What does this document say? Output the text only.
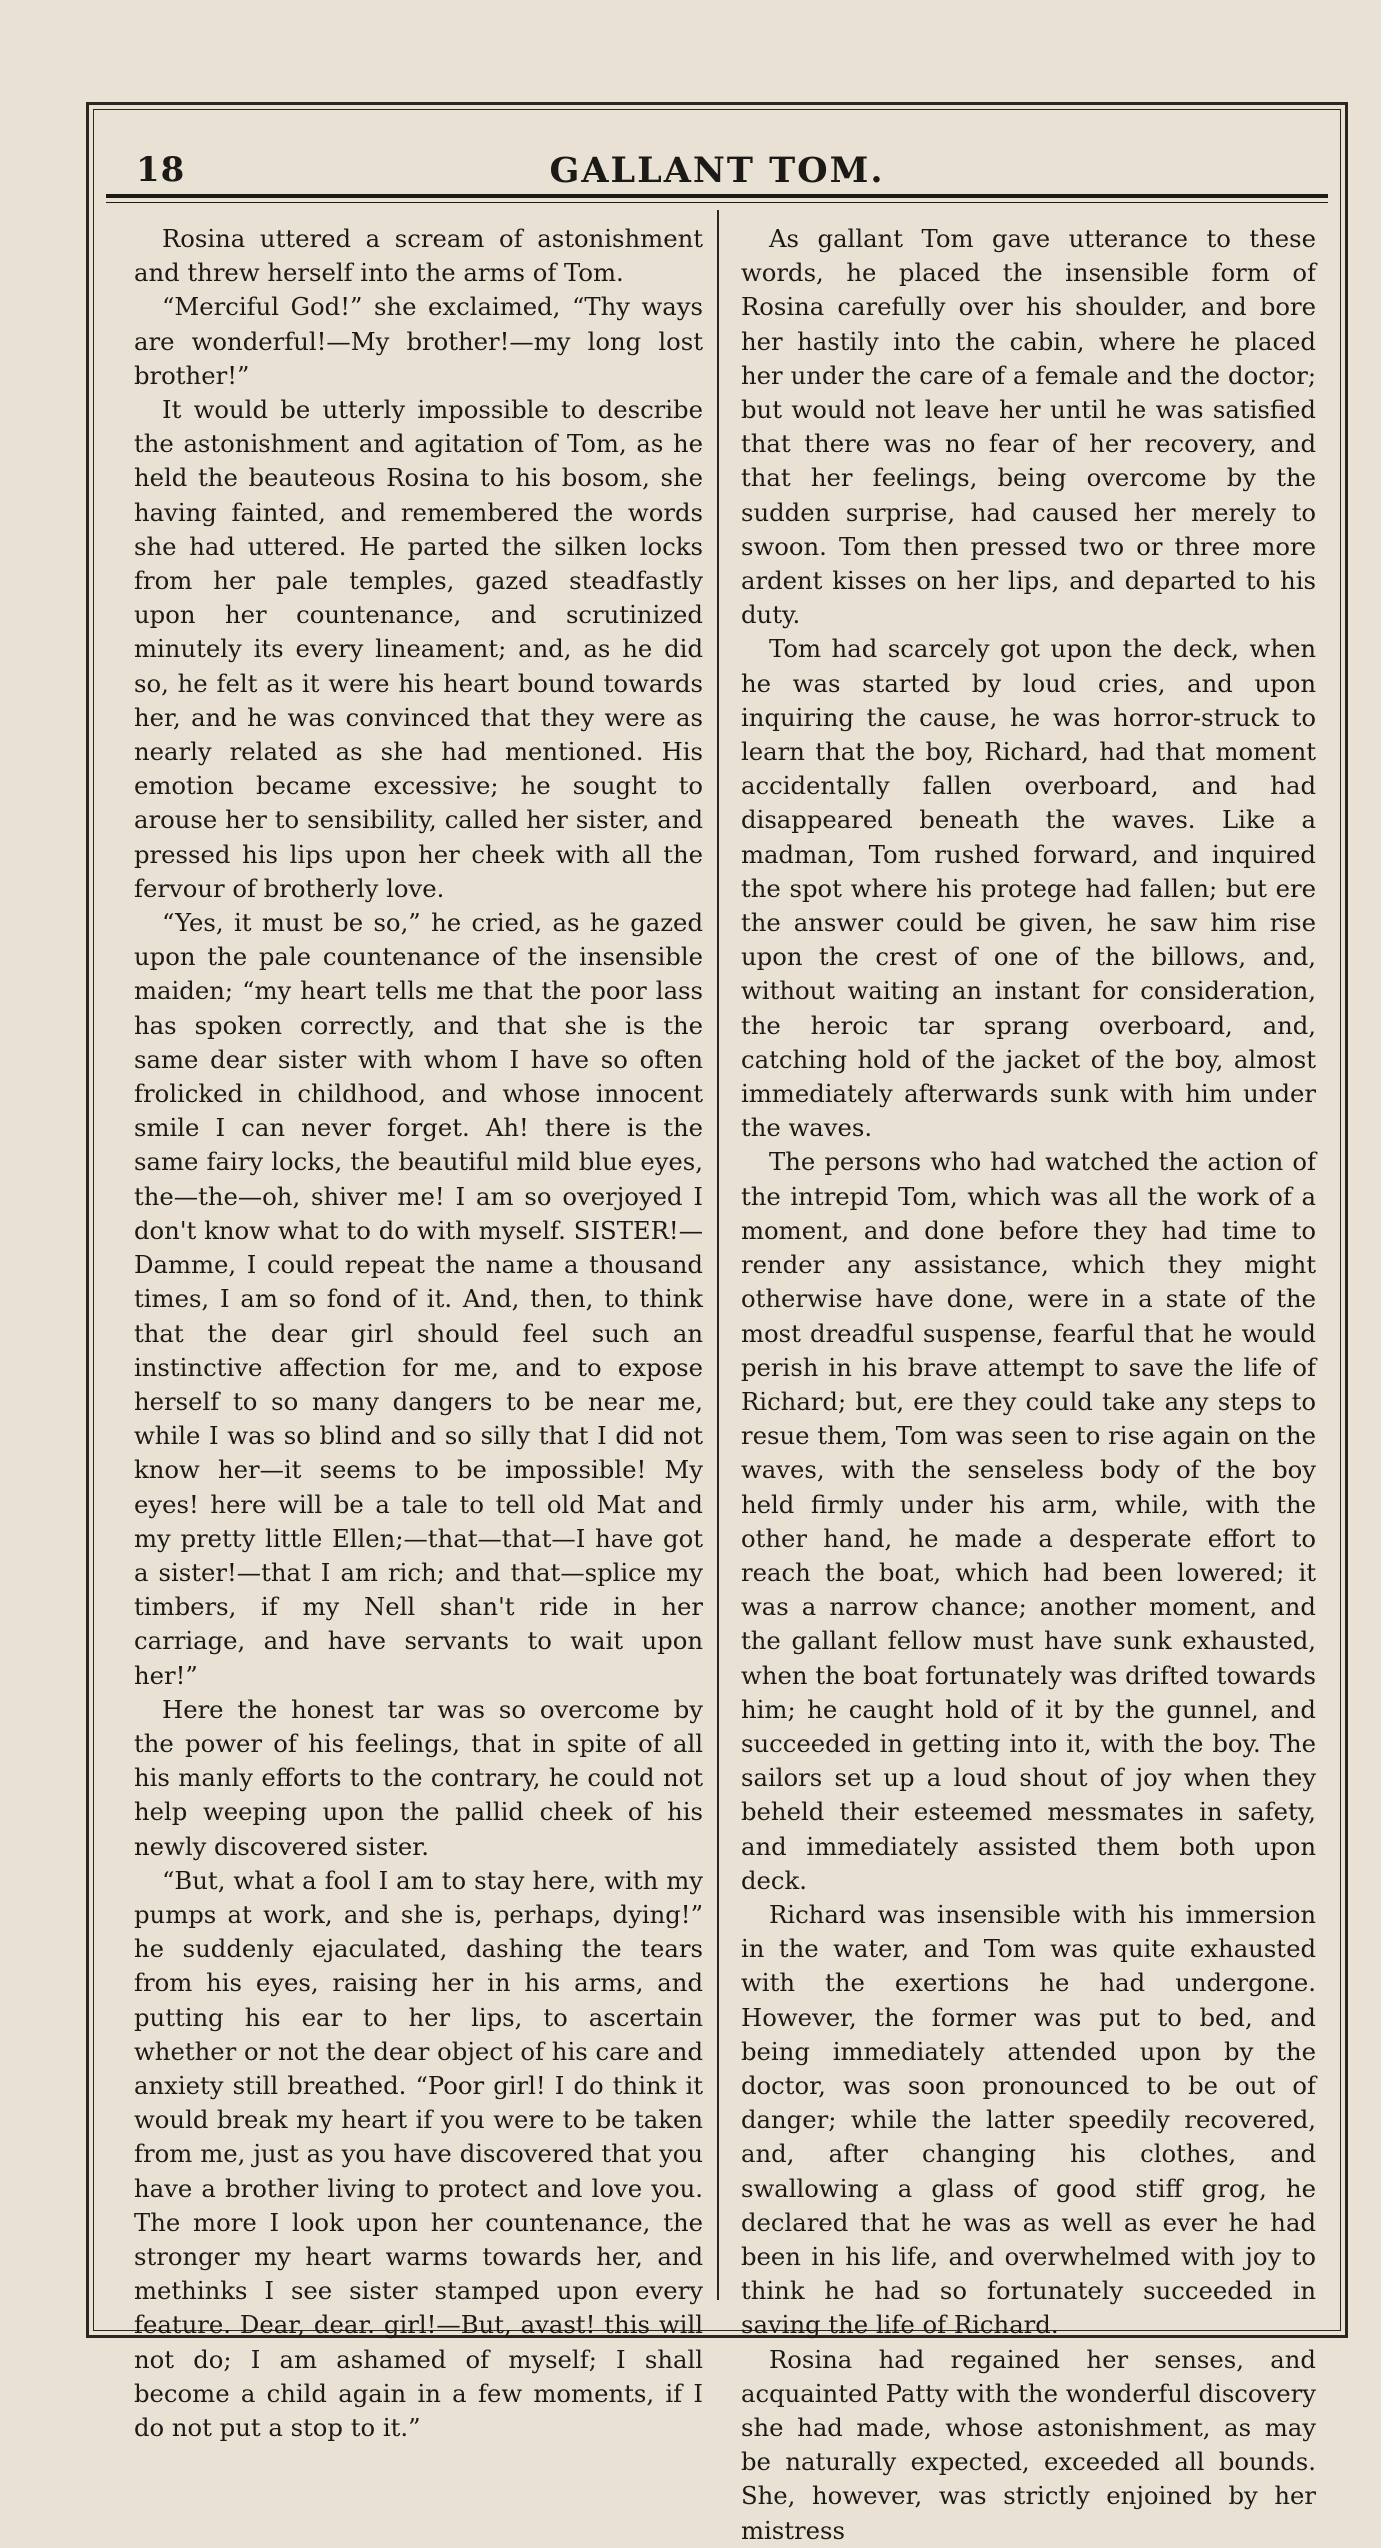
18	GALLANT TOM.

Rosina uttered a scream of astonishment and threw herself into the arms of Tom.

“Merciful God!” she exclaimed, “Thy ways are wonderful!—My brother!—my long lost brother!”

It would be utterly impossible to describe the astonishment and agitation of Tom, as he held the beauteous Rosina to his bosom, she having fainted, and remembered the words she had uttered. He parted the silken locks from her pale temples, gazed steadfastly upon her countenance, and scrutinized minutely its every lineament; and, as he did so, he felt as it were his heart bound towards her, and he was convinced that they were as nearly related as she had mentioned. His emotion became excessive; he sought to arouse her to sensibility, called her sister, and pressed his lips upon her cheek with all the fervour of brotherly love.

“Yes, it must be so,” he cried, as he gazed upon the pale countenance of the insensible maiden; “my heart tells me that the poor lass has spoken correctly, and that she is the same dear sister with whom I have so often frolicked in childhood, and whose innocent smile I can never forget. Ah! there is the same fairy locks, the beautiful mild blue eyes, the—the—oh, shiver me! I am so overjoyed I don't know what to do with myself. SISTER!—Damme, I could repeat the name a thousand times, I am so fond of it. And, then, to think that the dear girl should feel such an instinctive affection for me, and to expose herself to so many dangers to be near me, while I was so blind and so silly that I did not know her—it seems to be impossible! My eyes! here will be a tale to tell old Mat and my pretty little Ellen;—that—that—I have got a sister!—that I am rich; and that—splice my timbers, if my Nell shan't ride in her carriage, and have servants to wait upon her!”

Here the honest tar was so overcome by the power of his feelings, that in spite of all his manly efforts to the contrary, he could not help weeping upon the pallid cheek of his newly discovered sister.

“But, what a fool I am to stay here, with my pumps at work, and she is, perhaps, dying!” he suddenly ejaculated, dashing the tears from his eyes, raising her in his arms, and putting his ear to her lips, to ascertain whether or not the dear object of his care and anxiety still breathed. “Poor girl! I do think it would break my heart if you were to be taken from me, just as you have discovered that you have a brother living to protect and love you. The more I look upon her countenance, the stronger my heart warms towards her, and methinks I see sister stamped upon every feature. Dear, dear. girl!—But, avast! this will not do; I am ashamed of myself; I shall become a child again in a few moments, if I do not put a stop to it.”

As gallant Tom gave utterance to these words, he placed the insensible form of Rosina carefully over his shoulder, and bore her hastily into the cabin, where he placed her under the care of a female and the doctor; but would not leave her until he was satisfied that there was no fear of her recovery, and that her feelings, being overcome by the sudden surprise, had caused her merely to swoon. Tom then pressed two or three more ardent kisses on her lips, and departed to his duty.

Tom had scarcely got upon the deck, when he was started by loud cries, and upon inquiring the cause, he was horror-struck to learn that the boy, Richard, had that moment accidentally fallen overboard, and had disappeared beneath the waves. Like a madman, Tom rushed forward, and inquired the spot where his protege had fallen; but ere the answer could be given, he saw him rise upon the crest of one of the billows, and, without waiting an instant for consideration, the heroic tar sprang overboard, and, catching hold of the jacket of the boy, almost immediately afterwards sunk with him under the waves.

The persons who had watched the action of the intrepid Tom, which was all the work of a moment, and done before they had time to render any assistance, which they might otherwise have done, were in a state of the most dreadful suspense, fearful that he would perish in his brave attempt to save the life of Richard; but, ere they could take any steps to resue them, Tom was seen to rise again on the waves, with the senseless body of the boy held firmly under his arm, while, with the other hand, he made a desperate effort to reach the boat, which had been lowered; it was a narrow chance; another moment, and the gallant fellow must have sunk exhausted, when the boat fortunately was drifted towards him; he caught hold of it by the gunnel, and succeeded in getting into it, with the boy. The sailors set up a loud shout of joy when they beheld their esteemed messmates in safety, and immediately assisted them both upon deck.

Richard was insensible with his immersion in the water, and Tom was quite exhausted with the exertions he had undergone. However, the former was put to bed, and being immediately attended upon by the doctor, was soon pronounced to be out of danger; while the latter speedily recovered, and, after changing his clothes, and swallowing a glass of good stiff grog, he declared that he was as well as ever he had been in his life, and overwhelmed with joy to think he had so fortunately succeeded in saving the life of Richard.

Rosina had regained her senses, and acquainted Patty with the wonderful discovery she had made, whose astonishment, as may be naturally expected, exceeded all bounds. She, however, was strictly enjoined by her mistress
